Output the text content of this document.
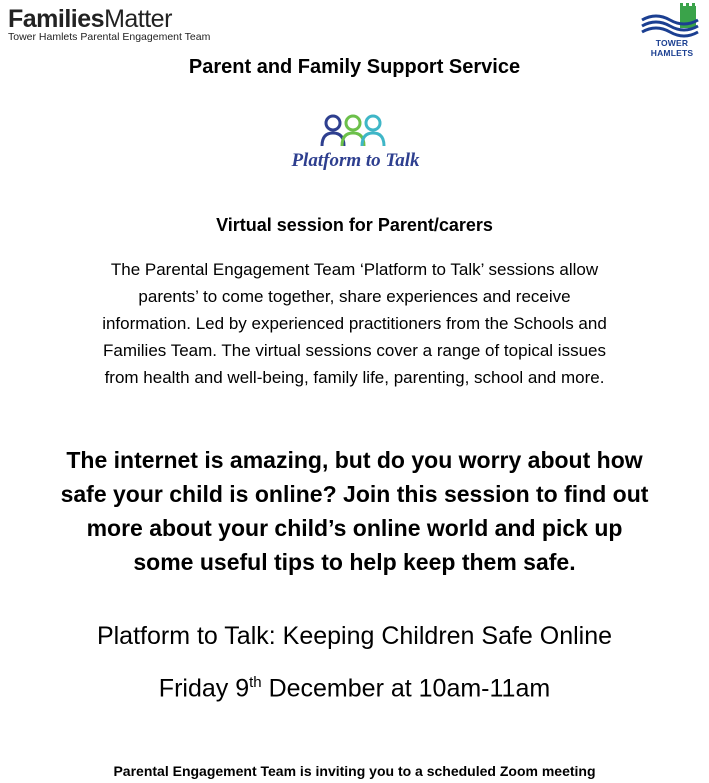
FamiliesMatter
Tower Hamlets Parental Engagement Team	TOWER HAMLETS
Parent and Family Support Service
Platform to Talk
Virtual session for Parent/carers
The Parental Engagement Team ‘Platform to Talk’ sessions allow
parents’ to come together, share experiences and receive
information. Led by experienced practitioners from the Schools and
Families Team. The virtual sessions cover a range of topical issues
from health and well-being, family life, parenting, school and more.
The internet is amazing, but do you worry about how
safe your child is online? Join this session to find out
more about your child’s online world and pick up
some useful tips to help keep them safe.
Platform to Talk: Keeping Children Safe Online
Friday 9th December at 10am-11am
Parental Engagement Team is inviting you to a scheduled Zoom meeting
